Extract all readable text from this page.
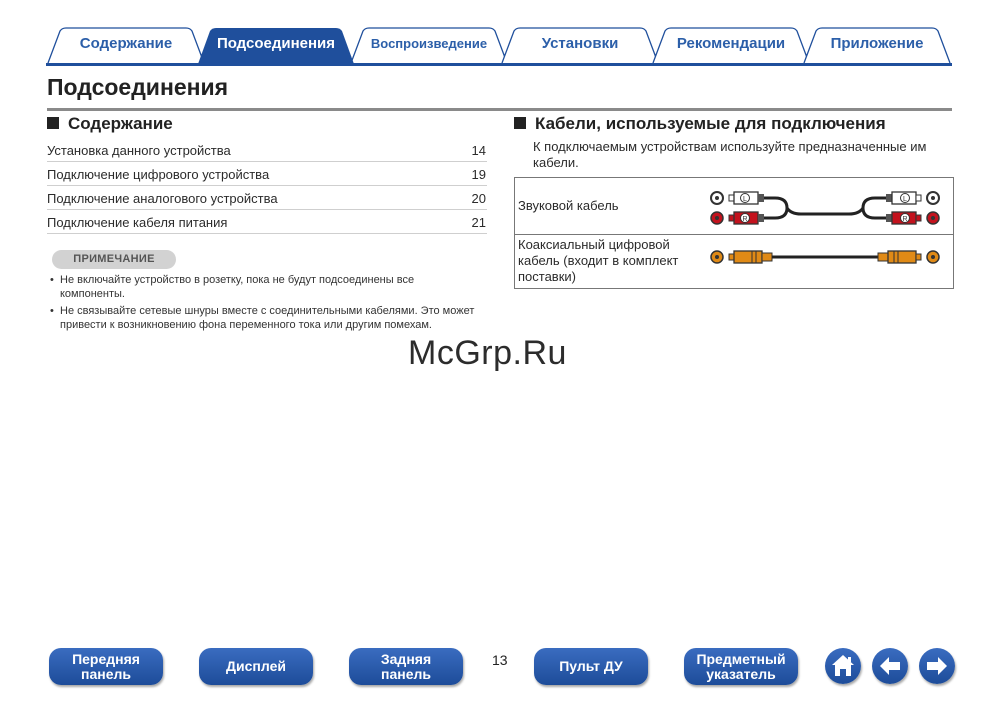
Содержание	Подсоединения	Воспроизведение	Установки	Рекомендации	Приложение
Подсоединения
Содержание
Установка данного устройства	14
Подключение цифрового устройства	19
Подключение аналогового устройства	20
Подключение кабеля питания	21
ПРИМЕЧАНИЕ
• Не включайте устройство в розетку, пока не будут подсоединены все компоненты.
• Не связывайте сетевые шнуры вместе с соединительными кабелями. Это может привести к возникновению фона переменного тока или другим помехам.
Кабели, используемые для подключения
К подключаемым устройствам используйте предназначенные им кабели.
Звуковой кабель	L
R
L
R
Коаксиальный цифровой кабель (входит в комплект поставки)
McGrp.Ru
Передняя
панель	Дисплей	Задняя
панель
13	Пульт ДУ	Предметный
указатель
